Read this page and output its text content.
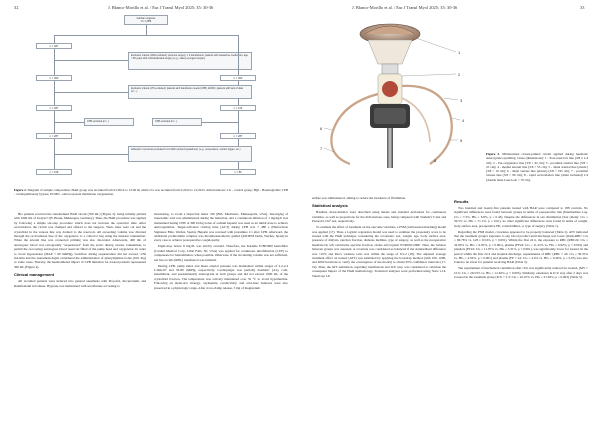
32	J. Blanco-Morillo et al. / Eur J Transl Myol 2025; 35: 30-36
Cardiac surgeries
N = 1,856
n = 487
Exclusion criteria (1199 excluded): previous surgery, ≥ 3 transfusions; patients with vasoactive medication; age > 80 years with contraindicated surgery (e.g., valve) emergent surgery
n = 300	n = 300
Exclusion criteria (176 excluded): patients with transfusion needs (CPB), ECMO, patients with lack of data (n=...)
n = 287	n = 124
CPB excluded (n=...)	CPB excluded (n=...)
n = 287	n = 287
Adhesion to protocol (excluded if not within protocol guidelines): (e.g., temperature, suction trigger, etc.)
n = 108	n = 86
Figure 2. Diagram of sample composition. HAR group was recruited from 01/2014 to 12/2016, while CG was recruited from 5/2012 to 12/2013. Abbreviations: CG - control group; Hgb - Haemoglobin; CPB - cardiopulmonary bypass; ECMO - extracorporeal membrane oxygenation.

HG patients received the standardised HAR circuit (760 mL) (Figure 3), being initially primed with 1000 mL of Isolyte® (B. Braun, Melsungen, Germany). Then, the HAR procedure was applied by following a simple six-step procedure which does not increase the operative time. After recirculation, the circuit was clamped and offered to the surgeon. Then, lines were cut and the crystalloid in the venous line was drained to the reservoir. All exceeding volume was diverted through the recirculation line of the oxygenator to a collector bag using the internal cannulation. When the arterial line was connected priming was also discarded. Afterwards, 400 mL of autologous blood was retrogradely "sequestered" from the aortic during venous cannulation, to permit the recovering autologous blood reservoir filled of the pump head and oxygenator. In order to avoid hypotension (MAP < 60 mmHg), backflow during sequestration did not exceed ~250 mL/min and the anaesthesiologist considered the administration of phenylephrine bolus (0.01 mg) or some cases. Thereby, the haemodiluted impact of CPB initiation for treated patients represented 300 mL (Figure 4).

Clinical management

All recruited patients were induced into general anesthesia with Propofol, Rocuronium, and Remifentanil in boluses. Hypoxia was maintained with sevoflurane according to

monitoring, to avoid a bispectral index <60 (BIS, Medtronic, Minneapolis, USA). Ten-mg/kg of tranexamic acid was administered during the induction, and a continuous infusion of 1 mg/kg/h was maintained during CPB. A 300 UI/kg bolus of sodium heparin was used as an initial dose to achieve anticoagulation. Target-activated clotting time (ACT) during CPB was > 480 s (Hemochron Signature Elite, Werfen, Spain). Heparin was reversed with protamine 1:1 after CPB. Afterward, the additional prothrombin complex was thrombelastometric guided (ROTEM Delta, Werfen, Spain) in every case to achieve postoperative coagulopathy.

Eight-drop below 8 mg/dL was strictly avoided. Therefore, the Katzelle E18F2000 hemofilter (Cardial Medical Corp, Little Falls, NJ, USA) was applied for continuous ultrafiltration (CUF) to compensate for hemodilution, when possible. Otherwise, if the circulating volume was not sufficient, red blood cells (RBC) transfusion was initiated.

During CPB, pump index and mean arterial pressure was maintained within ranges of 2.2-2.4 L/min/m² and 50-80 mmHg, respectively. Cardioplegia was partially haematic (4:1), cold, intermittent, and predominantly anterograde in both groups and did not exceed 1000 mL of the crystalloid fraction. The temperature was actively maintained over 35 °C to avoid hypothermia. Following an alpha-stat strategy, oxyhaemia, conductivity, and acid-base balances were also preserved in a physiologic range. After cross-clamp release, 5 mg of magnesium

J. Blanco-Morillo et al. / Eur J Transl Myol 2025; 35: 30-36	33
1
2
3
4
5
6
7
8
Figure 3. Miniaturized closed-primed circuit applied during haematic anterograde reprinting. Lines (dimensions): 1 - Post-reservoir line (3/8 x 1/4 cm); 2 - Pre-oxygenator line (3/8 × 42 cm); 3 - proximal arterial line (3/8 × 25 cm); 4 - medial arterial line (3/8 × 55 cm); 5 - distal arterial line (elastic) (3/8 × 10 cm); 6 - distal venous line (elastic) (3/8 × 195 cm); 7 - proximal venous line (3/8 × 90 cm); 8 - rapid recirculation line (drain included) 1/4 (double male Luer-lock × 70 cm).

sulfate was administered, aiming to reduce the incidence of fibrillation.

Statistical analysis

Baseline characteristics were described using means and standard deviations for continuous variables, as well as proportions for the dichotomous ones, being compared with Student's T-test and Pearson's Chi² test, respectively.

To estimate the effect of treatment on the outcome variables, a PSM (with kernel matching) model was applied (17). Thus, a logistic regression model was used to estimate the propensity score to be treated with the HAR technique considering the covariates: sex, weight, age, body surface area, presence of dialysis, ejection fraction, diabetes mellitus, type of surgery, as well as the preoperative haematocrit, left ventricular ejection fraction, stroke and logistic EUROSCORE. Then, the balance between groups was assessed. A covariate was considered as balanced if the standardised difference was <10% and Rao's variance ratio was within the range of 0.5-2 (18). The adjusted average treatment effect on treated (ATT) was estimated by applying the bootstrap method (with 100, 1000, and 2000 iterations to verify the convergence of the model) to obtain 95% confidence intervals (17-19). Then, the ATT estimation, regarding transfusions and ICU stay, was considered to calculate the consequent impact of the HAR methodology. Statistical analyses were performed using Stata v.14, StataCorp LP.

Results

Two hundred and twenty-five patients treated with HAR were compared to 188 controls. No significant differences were found between groups in terms of preoperative risk (Intermediate Log. CG = 7.3%, HG = 6.8%, p = 0.43). Despite the differences in sex distribution (Sex (male): CG = 59.5% vs. HG = 71.1%, p = 0.01), no other significant differences were found in terms of weight, body surface area, preoperative Hb, comorbidities, or type of surgery (Table 1).

Regarding the PSM model, covariates appeared to be properly balanced (Table 2). ATT indicated that the treatment group's exposure to any blood product until discharge was lower (Odds-RBC: CG = 66.76% vs. GH = 9.54%, p < 0.001). Within the first 24 h, the exposure to RBC (RBC24: CG = 32.09% vs. HG = 9.95%, p < 0.001), plasma (FP24: CG = 11.22% vs. HG = 0.92%, p < 0.001) and platelets (PT24: CG = 11.97% vs. HG = 3.31%, p < 0.001), was significantly lower for treated. In the period within the first 24 h and hospital discharge, requirements of RBC (RBC > 24: CG = 39.55% vs. HG = 4.59%, p < 0.001) and plasma (FP > 24: CG = 4.4% vs. HG = 0.46%, p = 0.03) was also found to be lower for patients receiving HAR (Table 3).

The requirement of mechanical ventilation after 10 h was significantly reduced for treated, (MV > 10 h: CG = 26.53% vs. HG = 12.62%, p < 0.005). Similarly, extension in ICU stay after 2 days was lowered in the treatment group (ICU > 2 d: CG = 42.47% vs. HG = 31.39%, p = 0.003) (Table 3).
